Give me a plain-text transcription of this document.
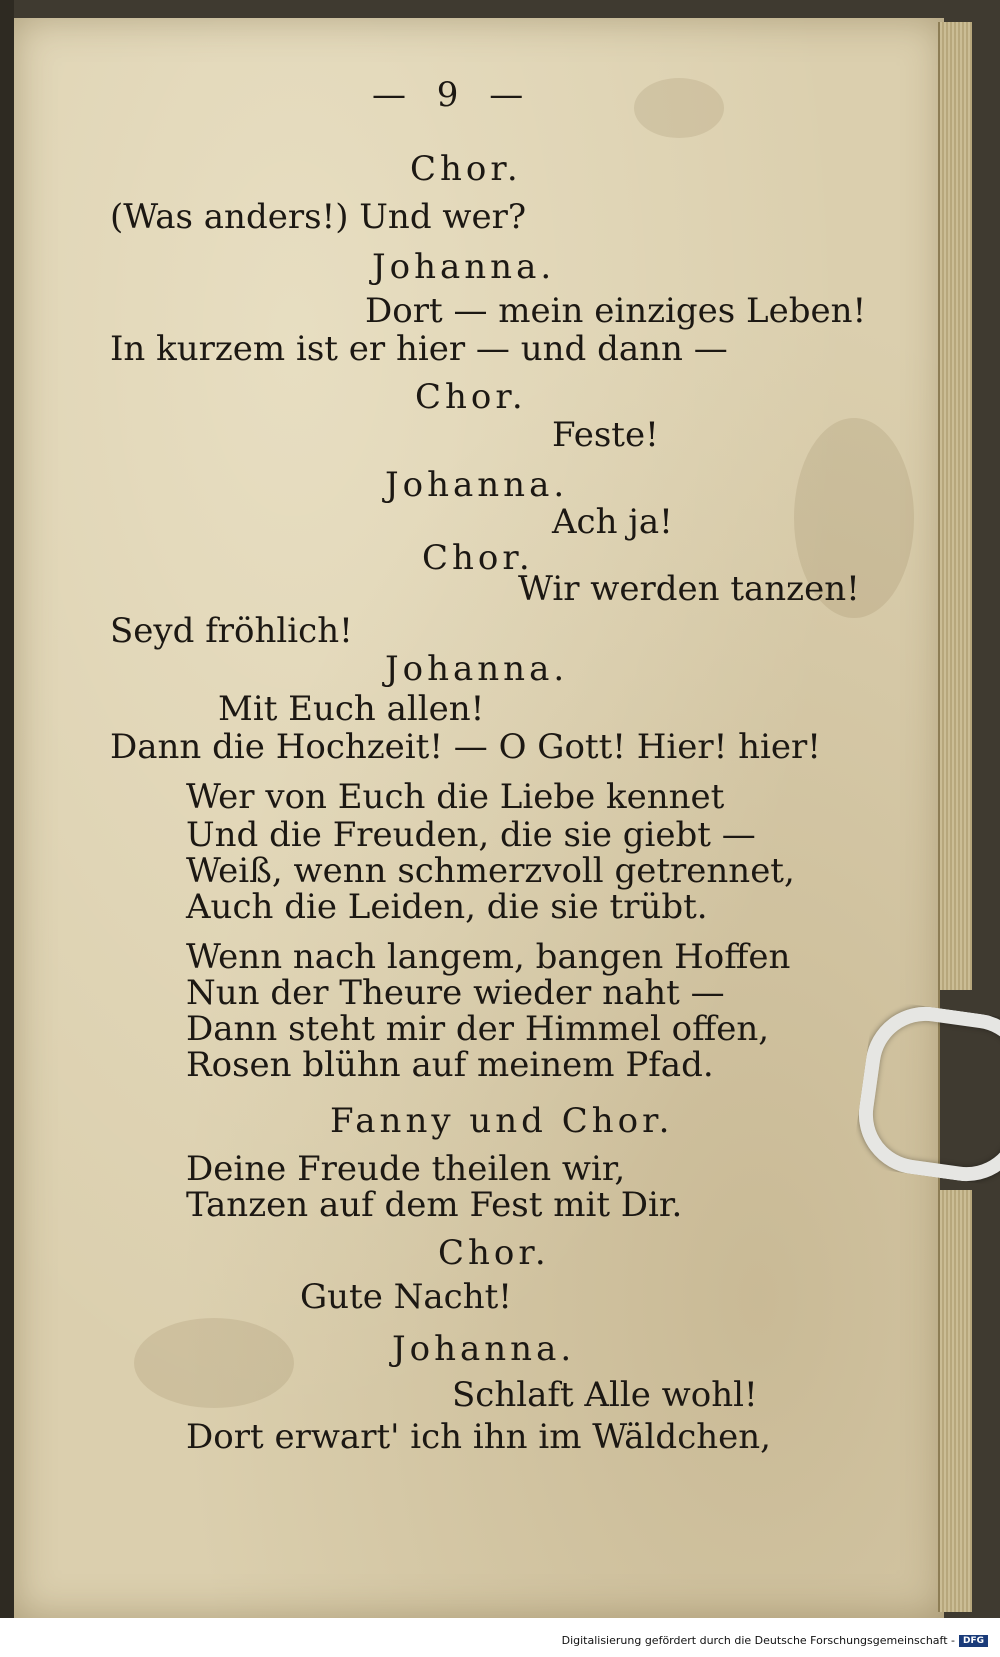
— 9 —
Chor.
(Was anders!) Und wer?
Johanna.
Dort — mein einziges Leben!
In kurzem ist er hier — und dann —
Chor.
Feste!
Johanna.
Ach ja!
Chor.
Wir werden tanzen!
Seyd fröhlich!
Johanna.
Mit Euch allen!
Dann die Hochzeit! — O Gott! Hier! hier!
Wer von Euch die Liebe kennet
Und die Freuden, die sie giebt —
Weiß, wenn schmerzvoll getrennet,
Auch die Leiden, die sie trübt.
Wenn nach langem, bangen Hoffen
Nun der Theure wieder naht —
Dann steht mir der Himmel offen,
Rosen blühn auf meinem Pfad.
Fanny und Chor.
Deine Freude theilen wir,
Tanzen auf dem Fest mit Dir.
Chor.
Gute Nacht!
Johanna.
Schlaft Alle wohl!
Dort erwart' ich ihn im Wäldchen,
Digitalisierung gefördert durch die Deutsche Forschungsgemeinschaft - DFG
